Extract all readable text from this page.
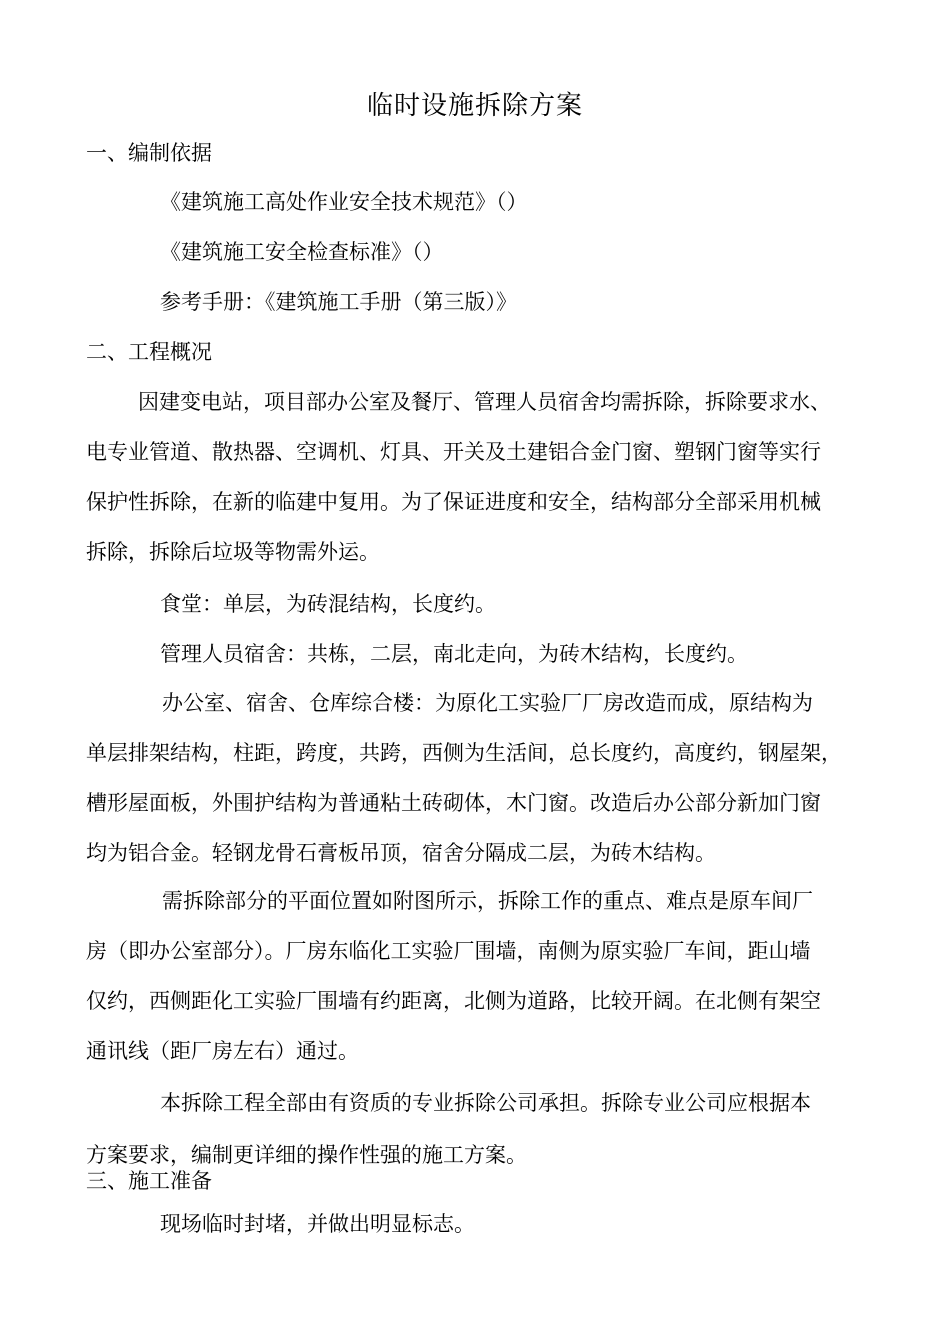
临时设施拆除方案
一、编制依据
《建筑施工高处作业安全技术规范》（）
《建筑施工安全检查标准》（）
参考手册：《建筑施工手册（第三版）》
二、工程概况
因建变电站，项目部办公室及餐厅、管理人员宿舍均需拆除，拆除要求水、
电专业管道、散热器、空调机、灯具、开关及土建铝合金门窗、塑钢门窗等实行
保护性拆除，在新的临建中复用。为了保证进度和安全，结构部分全部采用机械
拆除，拆除后垃圾等物需外运。
食堂：单层，为砖混结构，长度约。
管理人员宿舍：共栋，二层，南北走向，为砖木结构，长度约。
办公室、宿舍、仓库综合楼：为原化工实验厂厂房改造而成，原结构为
单层排架结构，柱距，跨度，共跨，西侧为生活间，总长度约，高度约，钢屋架，
槽形屋面板，外围护结构为普通粘土砖砌体，木门窗。改造后办公部分新加门窗
均为铝合金。轻钢龙骨石膏板吊顶，宿舍分隔成二层，为砖木结构。
需拆除部分的平面位置如附图所示，拆除工作的重点、难点是原车间厂
房（即办公室部分）。厂房东临化工实验厂围墙，南侧为原实验厂车间，距山墙
仅约，西侧距化工实验厂围墙有约距离，北侧为道路，比较开阔。在北侧有架空
通讯线（距厂房左右）通过。
本拆除工程全部由有资质的专业拆除公司承担。拆除专业公司应根据本
方案要求，编制更详细的操作性强的施工方案。
三、施工准备
现场临时封堵，并做出明显标志。
